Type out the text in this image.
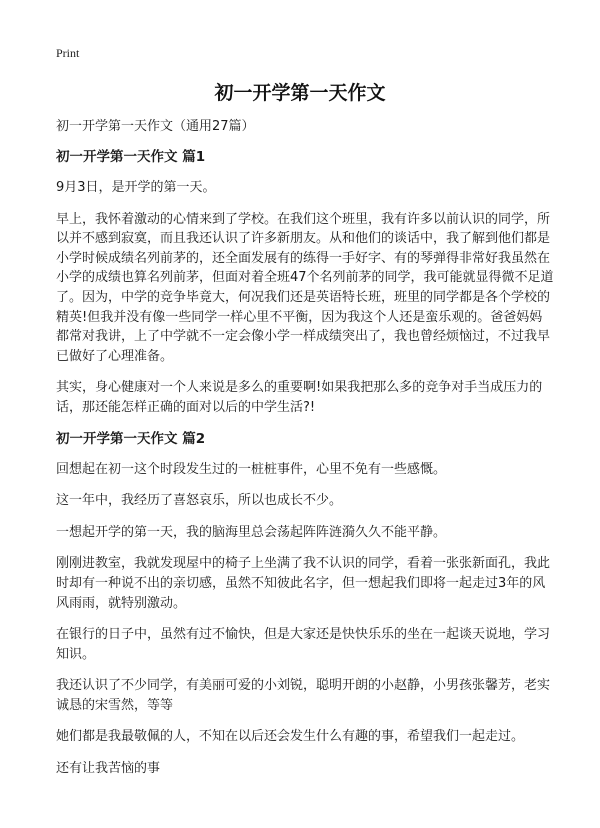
Print
初一开学第一天作文
初一开学第一天作文（通用27篇）
初一开学第一天作文 篇1

9月3日，是开学的第一天。

早上，我怀着激动的心情来到了学校。在我们这个班里，我有许多以前认识的同学，所以并不感到寂寞，而且我还认识了许多新朋友。从和他们的谈话中，我了解到他们都是小学时候成绩名列前茅的，还全面发展有的练得一手好字、有的琴弹得非常好我虽然在小学的成绩也算名列前茅，但面对着全班47个名列前茅的同学，我可能就显得微不足道了。因为，中学的竞争毕竟大，何况我们还是英语特长班，班里的同学都是各个学校的精英!但我并没有像一些同学一样心里不平衡，因为我这个人还是蛮乐观的。爸爸妈妈都常对我讲，上了中学就不一定会像小学一样成绩突出了，我也曾经烦恼过，不过我早已做好了心理准备。

其实，身心健康对一个人来说是多么的重要啊!如果我把那么多的竞争对手当成压力的话，那还能怎样正确的面对以后的中学生活?!

初一开学第一天作文 篇2

回想起在初一这个时段发生过的一桩桩事件，心里不免有一些感慨。

这一年中，我经历了喜怒哀乐，所以也成长不少。

一想起开学的第一天，我的脑海里总会荡起阵阵涟漪久久不能平静。

刚刚进教室，我就发现屋中的椅子上坐满了我不认识的同学，看着一张张新面孔，我此时却有一种说不出的亲切感，虽然不知彼此名字，但一想起我们即将一起走过3年的风风雨雨，就特别激动。

在银行的日子中，虽然有过不愉快，但是大家还是快快乐乐的坐在一起谈天说地，学习知识。

我还认识了不少同学，有美丽可爱的小刘锐，聪明开朗的小赵静，小男孩张馨芳，老实诚恳的宋雪然，等等

她们都是我最敬佩的人，不知在以后还会发生什么有趣的事，希望我们一起走过。

还有让我苦恼的事
